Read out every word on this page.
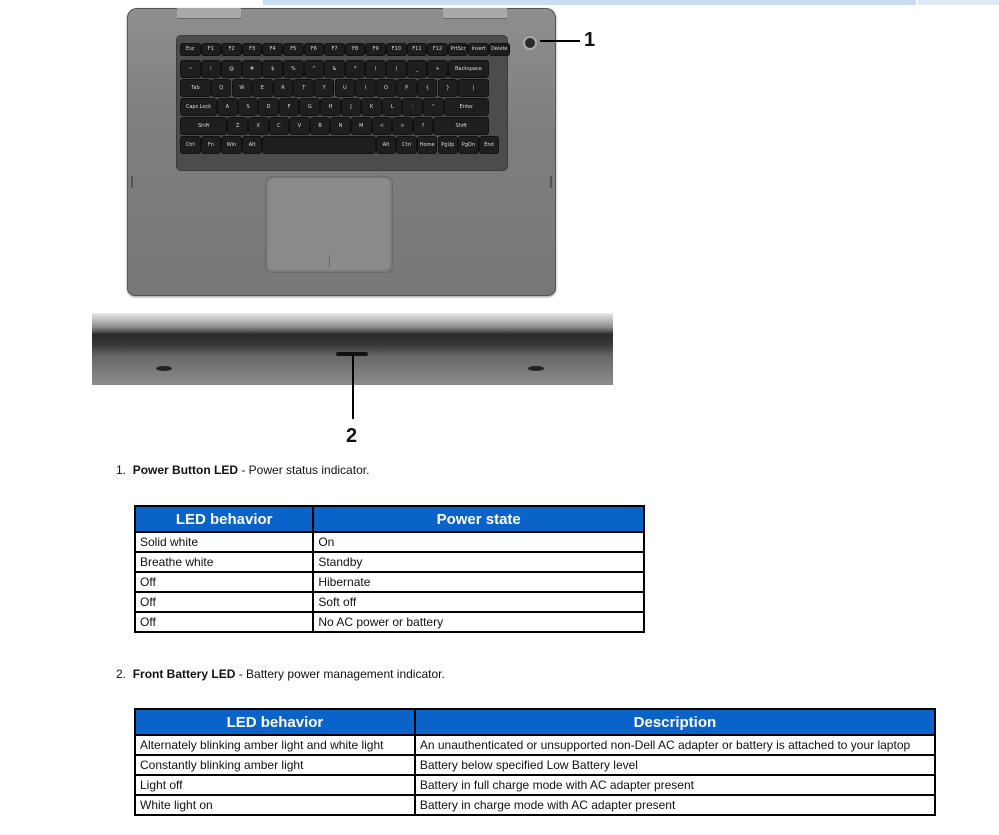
Esc	F1	F2	F3	F4	F5	F6	F7	F8	F9	F10	F11	F12	PrtScr	Insert	Delete
~	!	@	#	$	%	^	&	*	(	)	_	+	Backspace
Tab	Q	W	E	R	T	Y	U	I	O	P	{	}	|
Caps Lock	A	S	D	F	G	H	J	K	L	:	"	Enter
Shift	Z	X	C	V	B	N	M	<	>	?	Shift
Ctrl	Fn	Win	Alt	Alt	Ctrl	Home	PgUp	PgDn	End
1
2
1. Power Button LED - Power status indicator.
LED behavior	Power state
Solid white	On
Breathe white	Standby
Off	Hibernate
Off	Soft off
Off	No AC power or battery
2. Front Battery LED - Battery power management indicator.
LED behavior	Description
Alternately blinking amber light and white light	An unauthenticated or unsupported non-Dell AC adapter or battery is attached to your laptop
Constantly blinking amber light	Battery below specified Low Battery level
Light off	Battery in full charge mode with AC adapter present
White light on	Battery in charge mode with AC adapter present
